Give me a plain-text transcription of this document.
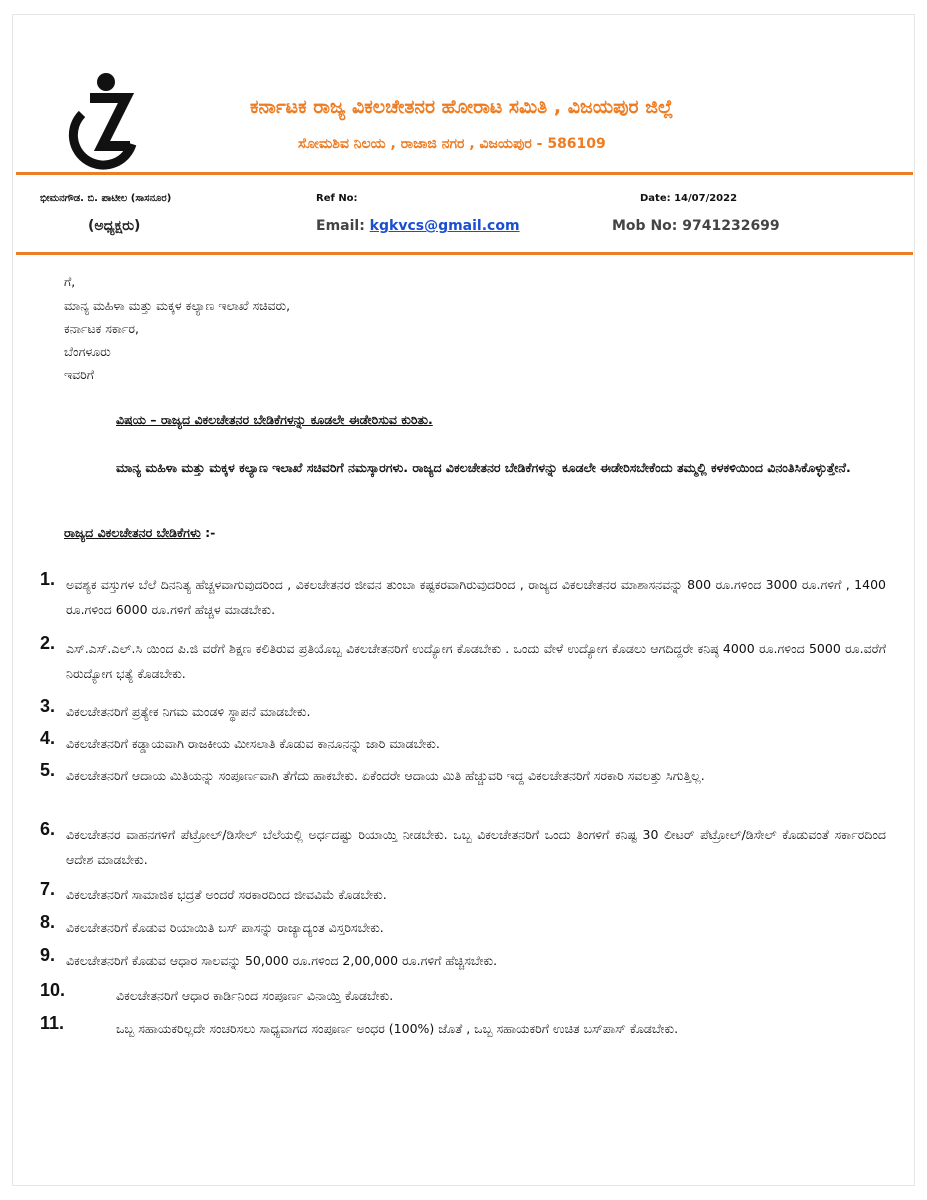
ಕರ್ನಾಟಕ ರಾಜ್ಯ ವಿಕಲಚೇತನರ ಹೋರಾಟ ಸಮಿತಿ , ವಿಜಯಪುರ ಜಿಲ್ಲೆ
ಸೋಮಶಿವ ನಿಲಯ , ರಾಜಾಜಿ ನಗರ , ವಿಜಯಪುರ - 586109
ಭೀಮನಗೌಡ. ಬಿ. ಪಾಟೀಲ (ಸಾಸನೂರ)	Ref No:	Date: 14/07/2022
(ಅಧ್ಯಕ್ಷರು)	Email: kgkvcs@gmail.com	Mob No: 9741232699
ಗೆ,
ಮಾನ್ಯ ಮಹಿಳಾ ಮತ್ತು ಮಕ್ಕಳ ಕಲ್ಯಾಣ ಇಲಾಖೆ ಸಚಿವರು,
ಕರ್ನಾಟಕ ಸರ್ಕಾರ,
ಬೆಂಗಳೂರು
ಇವರಿಗೆ
ವಿಷಯ – ರಾಜ್ಯದ ವಿಕಲಚೇತನರ ಬೇಡಿಕೆಗಳನ್ನು ಕೂಡಲೇ ಈಡೇರಿಸುವ ಕುರಿತು.
ಮಾನ್ಯ ಮಹಿಳಾ ಮತ್ತು ಮಕ್ಕಳ ಕಲ್ಯಾಣ ಇಲಾಖೆ ಸಚಿವರಿಗೆ ನಮಸ್ಕಾರಗಳು. ರಾಜ್ಯದ ವಿಕಲಚೇತನರ ಬೇಡಿಕೆಗಳನ್ನು ಕೂಡಲೇ ಈಡೇರಿಸಬೇಕೆಂದು ತಮ್ಮಲ್ಲಿ ಕಳಕಳಿಯಿಂದ ವಿನಂತಿಸಿಕೊಳ್ಳುತ್ತೇನೆ.
ರಾಜ್ಯದ ವಿಕಲಚೇತನರ ಬೇಡಿಕೆಗಳು :-
1. ಅವಶ್ಯಕ ವಸ್ತುಗಳ ಬೆಲೆ ದಿನನಿತ್ಯ ಹೆಚ್ಚಳವಾಗುವುದರಿಂದ , ವಿಕಲಚೇತನರ ಜೀವನ ತುಂಬಾ ಕಷ್ಟಕರವಾಗಿರುವುದರಿಂದ , ರಾಜ್ಯದ ವಿಕಲಚೇತನರ ಮಾಶಾಸನವನ್ನು 800 ರೂ.ಗಳಿಂದ 3000 ರೂ.ಗಳಿಗೆ , 1400 ರೂ.ಗಳಿಂದ 6000 ರೂ.ಗಳಿಗೆ ಹೆಚ್ಚಳ ಮಾಡಬೇಕು.
2. ಎಸ್.ಎಸ್.ಎಲ್.ಸಿ ಯಿಂದ ಪಿ.ಜಿ ವರೆಗೆ ಶಿಕ್ಷಣ ಕಲಿತಿರುವ ಪ್ರತಿಯೊಬ್ಬ ವಿಕಲಚೇತನರಿಗೆ ಉದ್ಯೋಗ ಕೊಡಬೇಕು . ಒಂದು ವೇಳೆ ಉದ್ಯೋಗ ಕೊಡಲು ಆಗದಿದ್ದರೇ ಕನಿಷ್ಠ 4000 ರೂ.ಗಳಿಂದ 5000 ರೂ.ವರೆಗೆ ನಿರುದ್ಯೋಗ ಭತ್ಯೆ ಕೊಡಬೇಕು.
3. ವಿಕಲಚೇತನರಿಗೆ ಪ್ರತ್ಯೇಕ ನಿಗಮ ಮಂಡಳಿ ಸ್ಥಾಪನೆ ಮಾಡಬೇಕು.
4. ವಿಕಲಚೇತನರಿಗೆ ಕಡ್ಡಾಯವಾಗಿ ರಾಜಕೀಯ ಮೀಸಲಾತಿ ಕೊಡುವ ಕಾನೂನನ್ನು ಜಾರಿ ಮಾಡಬೇಕು.
5. ವಿಕಲಚೇತನರಿಗೆ ಆದಾಯ ಮಿತಿಯನ್ನು ಸಂಪೂರ್ಣವಾಗಿ ತೆಗೆದು ಹಾಕಬೇಕು. ಏಕೆಂದರೇ ಆದಾಯ ಮಿತಿ ಹೆಚ್ಚುವರಿ ಇದ್ದ ವಿಕಲಚೇತನರಿಗೆ ಸರಕಾರಿ ಸವಲತ್ತು ಸಿಗುತ್ತಿಲ್ಲ.
6. ವಿಕಲಚೇತನರ ವಾಹನಗಳಿಗೆ ಪೆಟ್ರೋಲ್/ಡಿಸೇಲ್ ಬೆಲೆಯಲ್ಲಿ ಅರ್ಧದಷ್ಟು ರಿಯಾಯ್ತಿ ನೀಡಬೇಕು. ಒಬ್ಬ ವಿಕಲಚೇತನರಿಗೆ ಒಂದು ತಿಂಗಳಿಗೆ ಕನಿಷ್ಟ 30 ಲೀಟರ್ ಪೆಟ್ರೋಲ್/ಡಿಸೇಲ್ ಕೊಡುವಂತೆ ಸರ್ಕಾರದಿಂದ ಆದೇಶ ಮಾಡಬೇಕು.
7. ವಿಕಲಚೇತನರಿಗೆ ಸಾಮಾಜಿಕ ಭದ್ರತೆ ಅಂದರೆ ಸರಕಾರದಿಂದ ಜೀವವಿಮೆ ಕೊಡಬೇಕು.
8. ವಿಕಲಚೇತನರಿಗೆ ಕೊಡುವ ರಿಯಾಯಿತಿ ಬಸ್ ಪಾಸನ್ನು ರಾಜ್ಯಾದ್ಯಂತ ವಿಸ್ತರಿಸಬೇಕು.
9. ವಿಕಲಚೇತನರಿಗೆ ಕೊಡುವ ಆಧಾರ ಸಾಲವನ್ನು 50,000 ರೂ.ಗಳಿಂದ 2,00,000 ರೂ.ಗಳಿಗೆ ಹೆಚ್ಚಿಸಬೇಕು.
10.	ವಿಕಲಚೇತನರಿಗೆ ಆಧಾರ ಕಾರ್ಡಿನಿಂದ ಸಂಪೂರ್ಣ ವಿನಾಯ್ತಿ ಕೊಡಬೇಕು.
11.	ಒಬ್ಬ ಸಹಾಯಕರಿಲ್ಲದೇ ಸಂಚರಿಸಲು ಸಾಧ್ಯವಾಗದ ಸಂಪೂರ್ಣ ಅಂಧರ (100%) ಜೊತೆ , ಒಬ್ಬ ಸಹಾಯಕರಿಗೆ ಉಚಿತ ಬಸ್‌ಪಾಸ್ ಕೊಡಬೇಕು.
